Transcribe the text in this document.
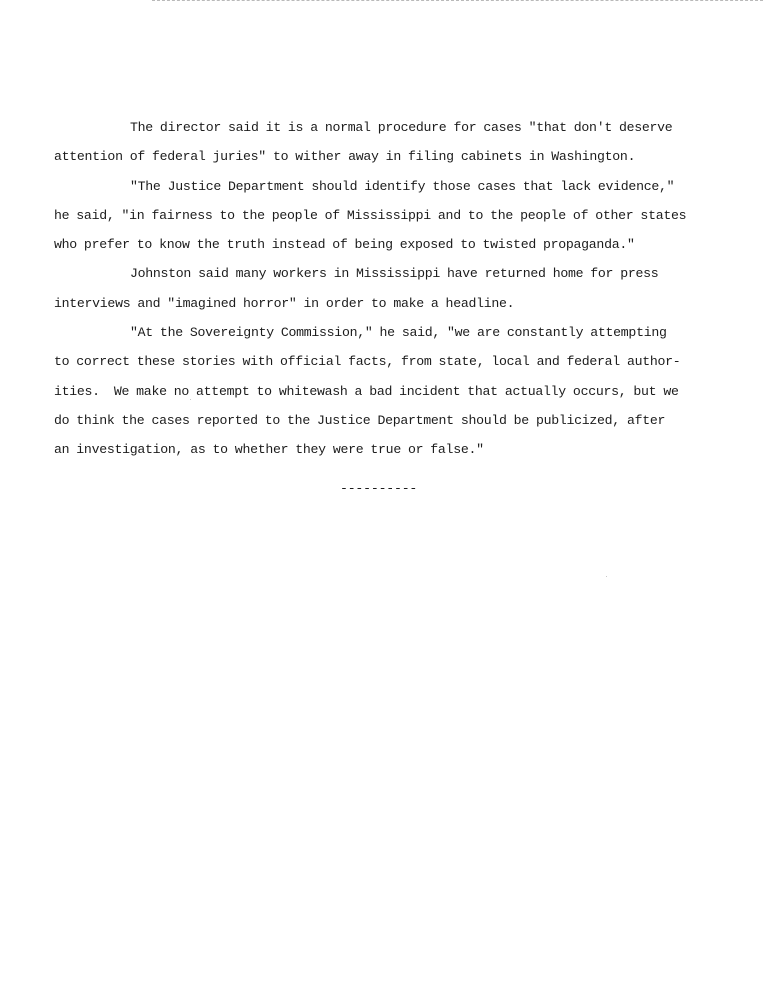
The director said it is a normal procedure for cases "that don't deserve
attention of federal juries" to wither away in filing cabinets in Washington.
"The Justice Department should identify those cases that lack evidence,"
he said, "in fairness to the people of Mississippi and to the people of other states
who prefer to know the truth instead of being exposed to twisted propaganda."
Johnston said many workers in Mississippi have returned home for press
interviews and "imagined horror" in order to make a headline.
"At the Sovereignty Commission," he said, "we are constantly attempting
to correct these stories with official facts, from state, local and federal author-
ities.  We make no attempt to whitewash a bad incident that actually occurs, but we
do think the cases reported to the Justice Department should be publicized, after
an investigation, as to whether they were true or false."
----------
